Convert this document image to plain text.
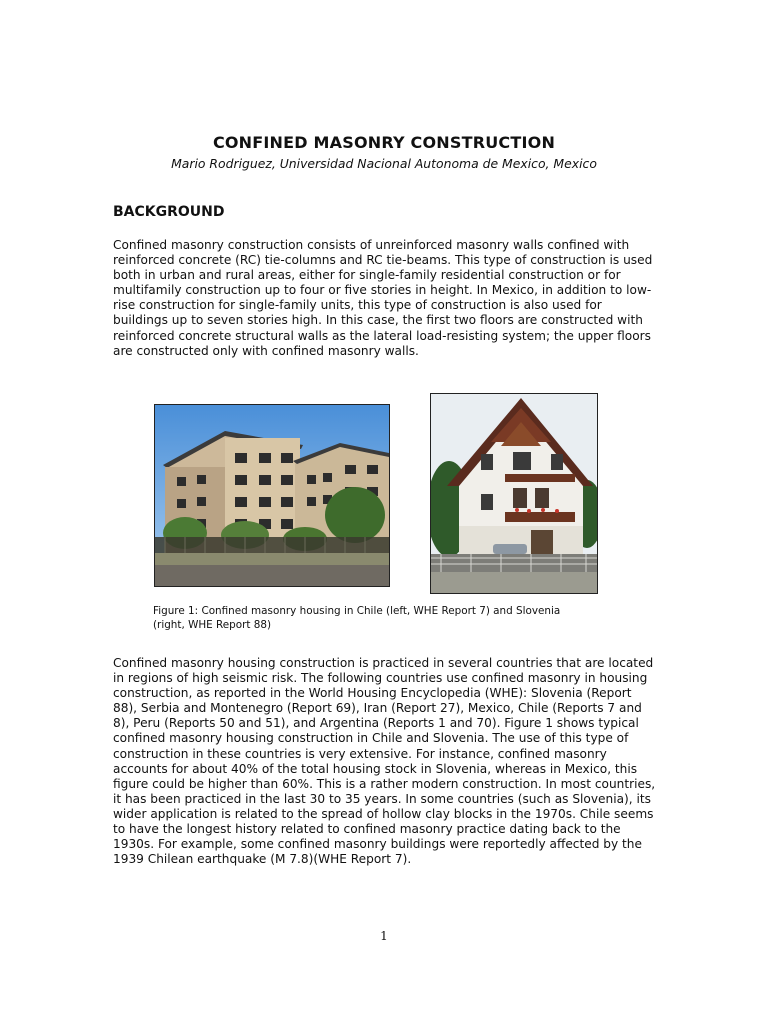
CONFINED MASONRY CONSTRUCTION
Mario Rodriguez, Universidad Nacional Autonoma de Mexico, Mexico
BACKGROUND
Confined masonry construction consists of unreinforced masonry walls confined with reinforced concrete (RC) tie-columns and RC tie-beams. This type of construction is used both in urban and rural areas, either for single-family residential construction or for multifamily construction up to four or five stories in height. In Mexico, in addition to low-rise construction for single-family units, this type of construction is also used for buildings up to seven stories high. In this case, the first two floors are constructed with reinforced concrete structural walls as the lateral load-resisting system; the upper floors are constructed only with confined masonry walls.
Figure 1: Confined masonry housing in Chile (left, WHE Report 7) and Slovenia (right, WHE Report 88)
Confined masonry housing construction is practiced in several countries that are located in regions of high seismic risk. The following countries use confined masonry in housing construction, as reported in the World Housing Encyclopedia (WHE): Slovenia (Report 88), Serbia and Montenegro (Report 69), Iran (Report 27), Mexico, Chile (Reports 7 and 8), Peru (Reports 50 and 51), and Argentina (Reports 1 and 70). Figure 1 shows typical confined masonry housing construction in Chile and Slovenia. The use of this type of construction in these countries is very extensive. For instance, confined masonry accounts for about 40% of the total housing stock in Slovenia, whereas in Mexico, this figure could be higher than 60%. This is a rather modern construction. In most countries, it has been practiced in the last 30 to 35 years. In some countries (such as Slovenia), its wider application is related to the spread of hollow clay blocks in the 1970s. Chile seems to have the longest history related to confined masonry practice dating back to the 1930s. For example, some confined masonry buildings were reportedly affected by the 1939 Chilean earthquake (M 7.8)(WHE Report 7).
1
